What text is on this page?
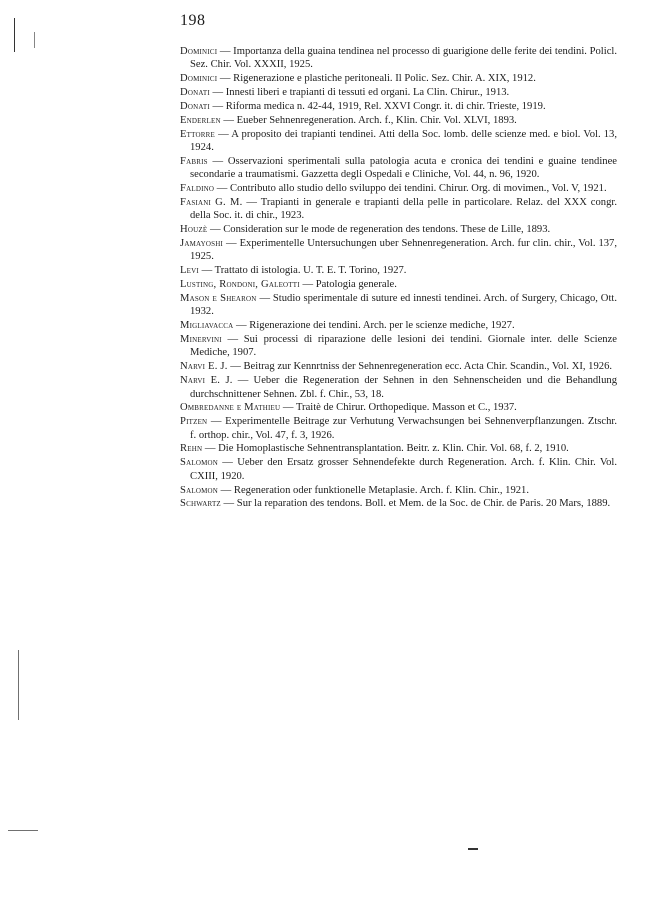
198
Dominici — Importanza della guaina tendinea nel processo di guarigione delle ferite dei tendini. Policl. Sez. Chir. Vol. XXXII, 1925.
Dominici — Rigenerazione e plastiche peritoneali. Il Polic. Sez. Chir. A. XIX, 1912.
Donati — Innesti liberi e trapianti di tessuti ed organi. La Clin. Chirur., 1913.
Donati — Riforma medica n. 42-44, 1919, Rel. XXVI Congr. it. di chir. Trieste, 1919.
Enderlen — Eueber Sehnenregeneration. Arch. f., Klin. Chir. Vol. XLVI, 1893.
Ettorre — A proposito dei trapianti tendinei. Atti della Soc. lomb. delle scienze med. e biol. Vol. 13, 1924.
Fabris — Osservazioni sperimentali sulla patologia acuta e cronica dei tendini e guaine tendinee secondarie a traumatismi. Gazzetta degli Ospedali e Cliniche, Vol. 44, n. 96, 1920.
Faldino — Contributo allo studio dello sviluppo dei tendini. Chirur. Org. di movimen., Vol. V, 1921.
Fasiani G. M. — Trapianti in generale e trapianti della pelle in particolare. Relaz. del XXX congr. della Soc. it. di chir., 1923.
Houzè — Consideration sur le mode de regeneration des tendons. These de Lille, 1893.
Jamayoshi — Experimentelle Untersuchungen uber Sehnenregeneration. Arch. fur clin. chir., Vol. 137, 1925.
Levi — Trattato di istologia. U. T. E. T. Torino, 1927.
Lusting, Rondoni, Galeotti — Patologia generale.
Mason e Shearon — Studio sperimentale di suture ed innesti tendinei. Arch. of Surgery, Chicago, Ott. 1932.
Migliavacca — Rigenerazione dei tendini. Arch. per le scienze mediche, 1927.
Minervini — Sui processi di riparazione delle lesioni dei tendini. Giornale inter. delle Scienze Mediche, 1907.
Narvi E. J. — Beitrag zur Kennrtniss der Sehnenregeneration ecc. Acta Chir. Scandin., Vol. XI, 1926.
Narvi E. J. — Ueber die Regeneration der Sehnen in den Sehnenscheiden und die Behandlung durchschnittener Sehnen. Zbl. f. Chir., 53, 18.
Ombredanne e Mathieu — Traitè de Chirur. Orthopedique. Masson et C., 1937.
Pitzen — Experimentelle Beitrage zur Verhutung Verwachsungen bei Sehnenverpflanzungen. Ztschr. f. orthop. chir., Vol. 47, f. 3, 1926.
Rehn — Die Homoplastische Sehnentransplantation. Beitr. z. Klin. Chir. Vol. 68, f. 2, 1910.
Salomon — Ueber den Ersatz grosser Sehnendefekte durch Regeneration. Arch. f. Klin. Chir. Vol. CXIII, 1920.
Salomon — Regeneration oder funktionelle Metaplasie. Arch. f. Klin. Chir., 1921.
Schwartz — Sur la reparation des tendons. Boll. et Mem. de la Soc. de Chir. de Paris. 20 Mars, 1889.
